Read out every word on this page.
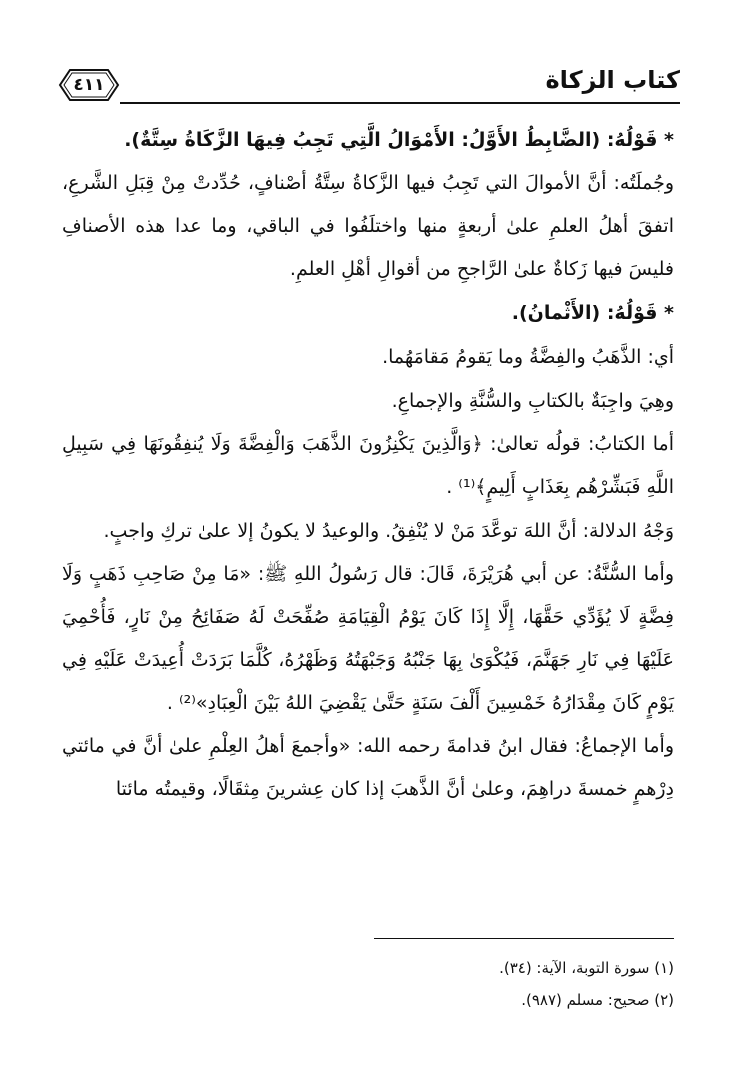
٤١١	كتاب الزكاة

* قَوْلُهُ: (الضَّابِطُ الأَوَّلُ: الأَمْوَالُ الَّتِي تَجِبُ فِيهَا الزَّكَاةُ سِتَّةٌ).

وجُملَتُه: أنَّ الأموالَ التي تَجِبُ فيها الزَّكاةُ سِتَّةُ أصْنافٍ، حُدِّدتْ مِنْ قِبَلِ الشَّرعِ، اتفقَ أهلُ العلمِ علىٰ أربعةٍ منها واختلَفُوا في الباقي، وما عدا هذه الأصنافِ فليسَ فيها زَكاةٌ علىٰ الرَّاجحِ من أقوالِ أهْلِ العلمِ.

* قَوْلُهُ: (الأَثْمانُ).

أي: الذَّهَبُ والفِضَّةُ وما يَقومُ مَقامَهُما.

وهِيَ واجِبَةٌ بالكتابِ والسُّنَّةِ والإجماعِ.

أما الكتابُ: قولُه تعالىٰ: ﴿وَالَّذِينَ يَكْنِزُونَ الذَّهَبَ وَالْفِضَّةَ وَلَا يُنفِقُونَهَا فِي سَبِيلِ اللَّهِ فَبَشِّرْهُم بِعَذَابٍ أَلِيمٍ﴾⁽¹⁾ .

وَجْهُ الدلالة: أنَّ اللهَ توعَّدَ مَنْ لا يُنْفِقُ. والوعيدُ لا يكونُ إلا علىٰ تركِ واجبٍ.

وأما السُّنَّةُ: عن أبي هُرَيْرَةَ، قَالَ: قال رَسُولُ اللهِ ﷺ: «مَا مِنْ صَاحِبِ ذَهَبٍ وَلَا فِضَّةٍ لَا يُؤَدِّي حَقَّهَا، إِلَّا إِذَا كَانَ يَوْمُ الْقِيَامَةِ صُفِّحَتْ لَهُ صَفَائِحُ مِنْ نَارٍ، فَأُحْمِيَ عَلَيْهَا فِي نَارِ جَهَنَّمَ، فَيُكْوَىٰ بِهَا جَنْبُهُ وَجَبْهَتُهُ وَظَهْرُهُ، كُلَّمَا بَرَدَتْ أُعِيدَتْ عَلَيْهِ فِي يَوْمٍ كَانَ مِقْدَارُهُ خَمْسِينَ أَلْفَ سَنَةٍ حَتَّىٰ يَقْضِيَ اللهُ بَيْنَ الْعِبَادِ»⁽²⁾ .

وأما الإجماعُ: فقال ابنُ قدامةَ رحمه الله: «وأجمعَ أهلُ العِلْمِ علىٰ أنَّ في مائتي دِرْهمٍ خمسةَ دراهِمَ، وعلىٰ أنَّ الذَّهبَ إذا كان عِشرينَ مِثقَالًا، وقيمتُه مائتا

(١) سورة التوبة، الآية: (٣٤).

(٢) صحيح: مسلم (٩٨٧).
